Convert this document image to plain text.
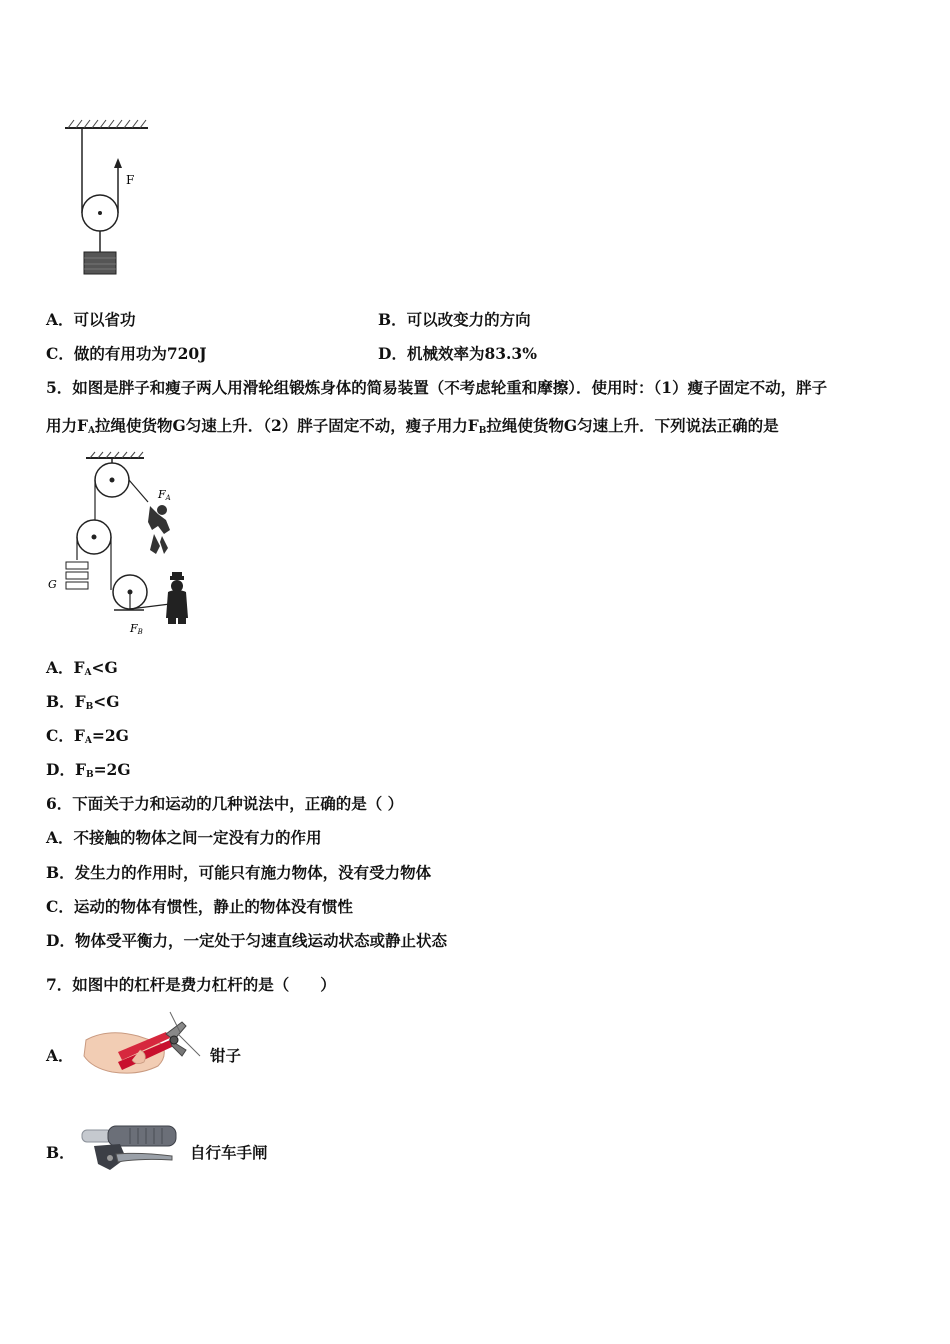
F
A．可以省功	B．可以改变力的方向
C．做的有用功为720J	D．机械效率为83.3%
5．如图是胖子和瘦子两人用滑轮组锻炼身体的简易装置（不考虑轮重和摩擦）．使用时：（1）瘦子固定不动，胖子
用力$F_A$拉绳使货物G匀速上升．（2）胖子固定不动，瘦子用力$F_B$拉绳使货物G匀速上升．下列说法正确的是
FA
G
FB
A．$F_A<G$
B．$F_B<G$
C．$F_A=2G$
D．$F_B=2G$
6．下面关于力和运动的几种说法中，正确的是（ ）
A．不接触的物体之间一定没有力的作用
B．发生力的作用时，可能只有施力物体，没有受力物体
C．运动的物体有惯性，静止的物体没有惯性
D．物体受平衡力，一定处于匀速直线运动状态或静止状态
7．如图中的杠杆是费力杠杆的是（　　）
A．	钳子
B．	自行车手闸
